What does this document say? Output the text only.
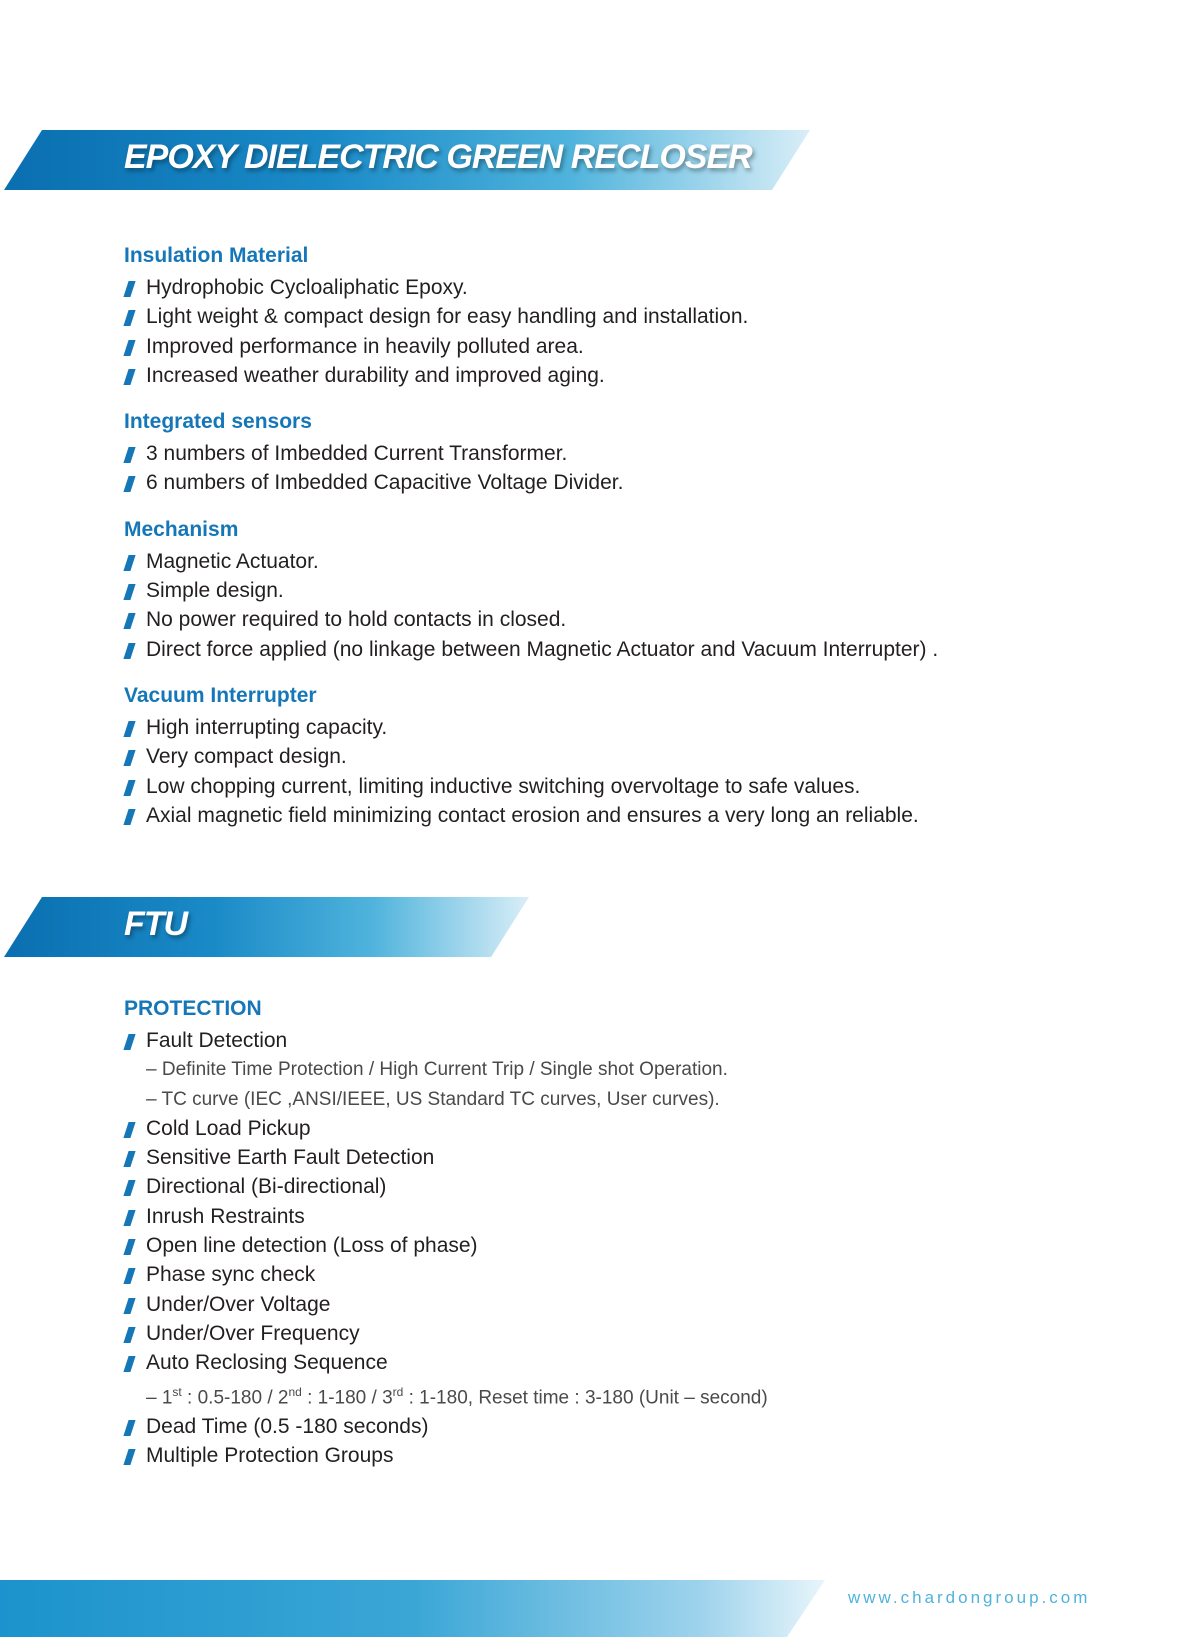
EPOXY DIELECTRIC GREEN RECLOSER
Insulation Material
Hydrophobic Cycloaliphatic Epoxy.
Light weight & compact design for easy handling and installation.
Improved performance in heavily polluted area.
Increased weather durability and improved aging.
Integrated sensors
3 numbers of Imbedded Current Transformer.
6 numbers of Imbedded Capacitive Voltage Divider.
Mechanism
Magnetic Actuator.
Simple design.
No power required to hold contacts in closed.
Direct force applied (no linkage between Magnetic Actuator and Vacuum Interrupter) .
Vacuum Interrupter
High interrupting capacity.
Very compact design.
Low chopping current, limiting inductive switching overvoltage to safe values.
Axial magnetic field minimizing contact erosion and ensures a very long an reliable.
FTU
PROTECTION
Fault Detection
– Definite Time Protection / High Current Trip / Single shot Operation.
– TC curve (IEC ,ANSI/IEEE, US Standard TC curves, User curves).
Cold Load Pickup
Sensitive Earth Fault Detection
Directional (Bi-directional)
Inrush Restraints
Open line detection (Loss of phase)
Phase sync check
Under/Over Voltage
Under/Over Frequency
Auto Reclosing Sequence
– 1st : 0.5-180 / 2nd : 1-180 / 3rd : 1-180, Reset time : 3-180 (Unit – second)
Dead Time (0.5 -180 seconds)
Multiple Protection Groups
www.chardongroup.com
